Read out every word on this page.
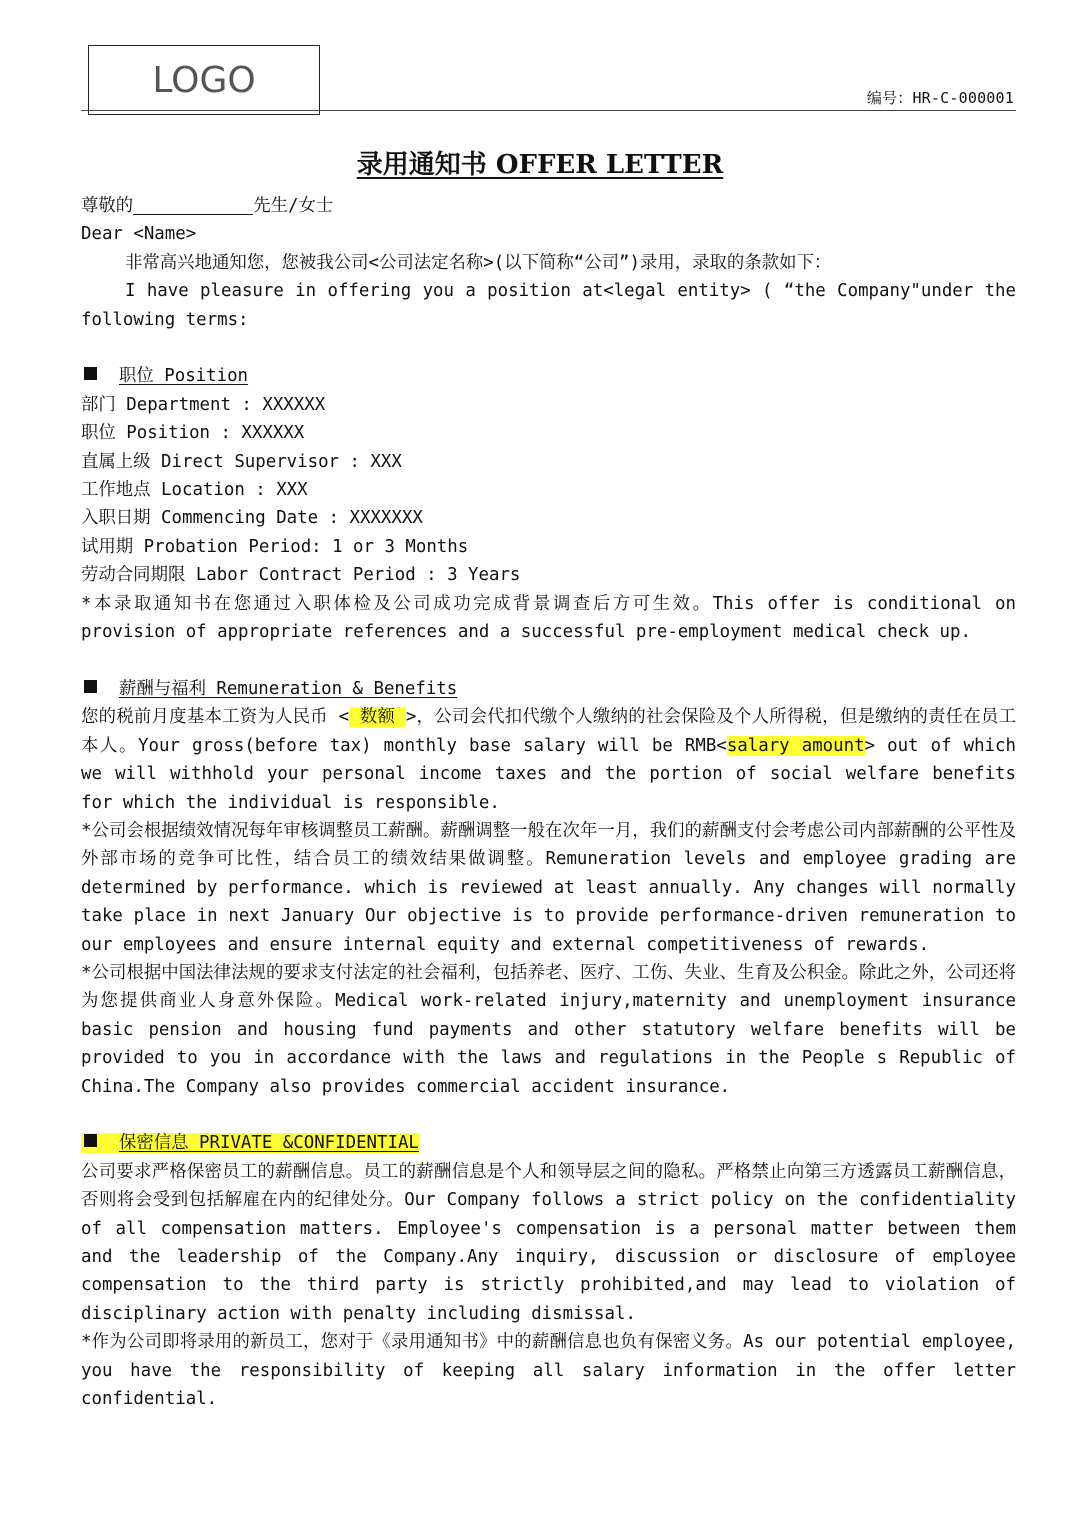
LOGO	编号：HR-C-000001
录用通知书 OFFER LETTER

尊敬的	先生/女士

Dear <Name>

非常高兴地通知您，您被我公司<公司法定名称>(以下简称“公司”)录用，录取的条款如下：

I have pleasure in offering you a position at<legal entity> ( “the Company"under the following terms:

职位 Position

部门 Department : XXXXXX

职位 Position : XXXXXX

直属上级 Direct Supervisor : XXX

工作地点 Location : XXX

入职日期 Commencing Date : XXXXXXX

试用期 Probation Period: 1 or 3 Months

劳动合同期限 Labor Contract Period : 3 Years

*本录取通知书在您通过入职体检及公司成功完成背景调查后方可生效。This offer is conditional on provision of appropriate references and a successful pre-employment medical check up.

薪酬与福利 Remuneration & Benefits

您的税前月度基本工资为人民币 < 数额 >，公司会代扣代缴个人缴纳的社会保险及个人所得税，但是缴纳的责任在员工本人。Your gross(before tax) monthly base salary will be RMB<salary amount> out of which we will withhold your personal income taxes and the portion of social welfare benefits for which the individual is responsible.

*公司会根据绩效情况每年审核调整员工薪酬。薪酬调整一般在次年一月，我们的薪酬支付会考虑公司内部薪酬的公平性及外部市场的竞争可比性，结合员工的绩效结果做调整。Remuneration levels and employee grading are determined by performance. which is reviewed at least annually. Any changes will normally take place in next January Our objective is to provide performance-driven remuneration to our employees and ensure internal equity and external competitiveness of rewards.

*公司根据中国法律法规的要求支付法定的社会福利，包括养老、医疗、工伤、失业、生育及公积金。除此之外，公司还将为您提供商业人身意外保险。Medical work-related injury,maternity and unemployment insurance basic pension and housing fund payments and other statutory welfare benefits will be provided to you in accordance with the laws and regulations in the People s Republic of China.The Company also provides commercial accident insurance.

保密信息 PRIVATE &CONFIDENTIAL

公司要求严格保密员工的薪酬信息。员工的薪酬信息是个人和领导层之间的隐私。严格禁止向第三方透露员工薪酬信息，否则将会受到包括解雇在内的纪律处分。Our Company follows a strict policy on the confidentiality of all compensation matters. Employee's compensation is a personal matter between them and the leadership of the Company.Any inquiry, discussion or disclosure of employee compensation to the third party is strictly prohibited,and may lead to violation of disciplinary action with penalty including dismissal.

*作为公司即将录用的新员工，您对于《录用通知书》中的薪酬信息也负有保密义务。As our potential employee, you have the responsibility of keeping all salary information in the offer letter confidential.
